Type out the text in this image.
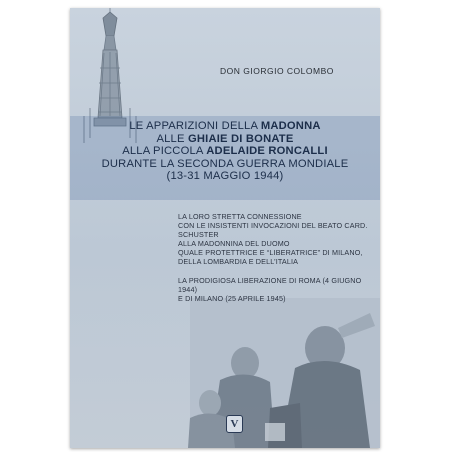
DON GIORGIO COLOMBO
LE APPARIZIONI DELLA MADONNA
ALLE GHIAIE DI BONATE
ALLA PICCOLA ADELAIDE RONCALLI
DURANTE LA SECONDA GUERRA MONDIALE
(13-31 MAGGIO 1944)
LA LORO STRETTA CONNESSIONE
CON LE INSISTENTI INVOCAZIONI DEL BEATO CARD. SCHUSTER
ALLA MADONNINA DEL DUOMO
QUALE PROTETTRICE E “LIBERATRICE” DI MILANO,
DELLA LOMBARDIA E DELL’ITALIA
LA PRODIGIOSA LIBERAZIONE DI ROMA (4 GIUGNO 1944)
E DI MILANO (25 APRILE 1945)
V
